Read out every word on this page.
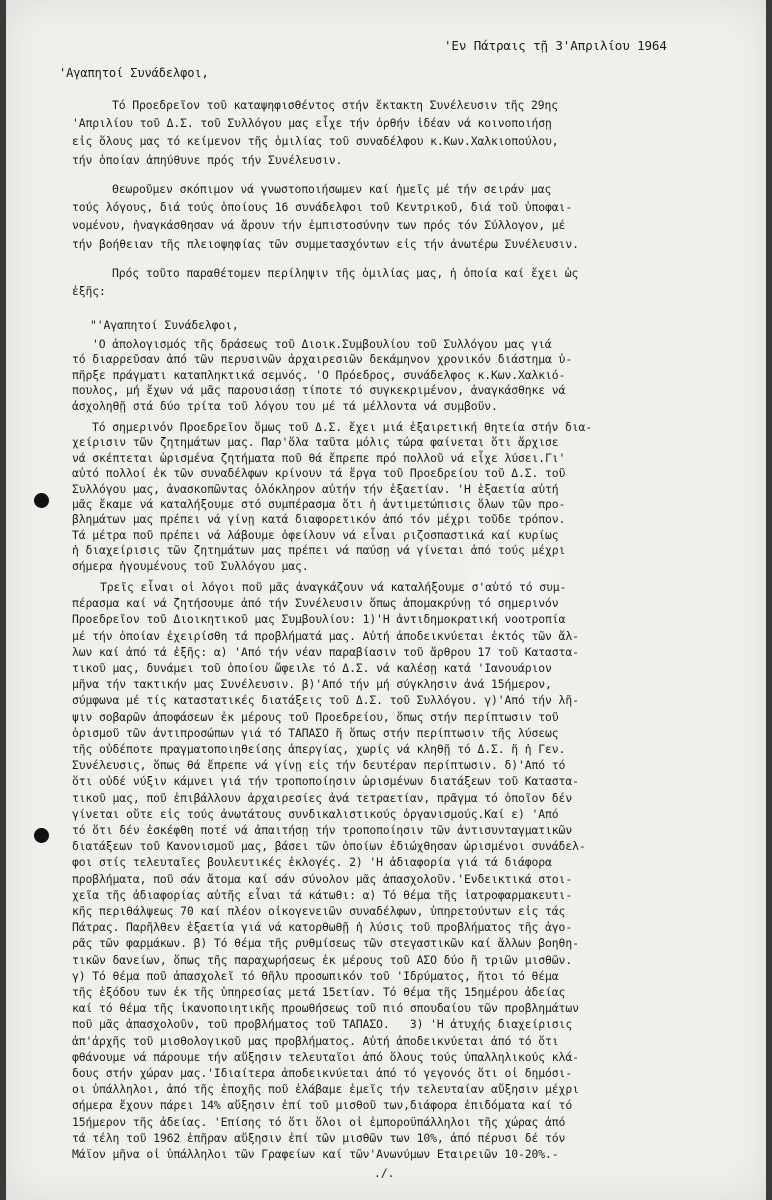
'Εν Πάτραις τῇ 3'Απριλίου 1964
'Αγαπητοί Συνάδελφοι,
Τό Προεδρεῖον τοῦ καταψηφισθέντος στήν ἔκτακτη Συνέλευσιν τῆς 29ης
'Απριλίου τοῦ Δ.Σ. τοῦ Συλλόγου μας εἶχε τήν ὀρθήν ἰδέαν νά κοινοποιήσῃ
εἰς ὅλους μας τό κείμενον τῆς ὁμιλίας τοῦ συναδέλφου κ.Κων.Χαλκιοπούλου,
τήν ὁποίαν ἀπηύθυνε πρός τήν Συνέλευσιν.
Θεωροῦμεν σκόπιμον νά γνωστοποιήσωμεν καί ἡμεῖς μέ τήν σειράν μας
τούς λόγους, διά τούς ὁποίους 16 συνάδελφοι τοῦ Κεντρικοῦ, διά τοῦ ὑποφαι-
νομένου, ἠναγκάσθησαν νά ἄρουν τήν ἐμπιστοσύνην των πρός τόν Σύλλογον, μέ
τήν βοήθειαν τῆς πλειοψηφίας τῶν συμμετασχόντων εἰς τήν ἀνωτέρω Συνέλευσιν.
Πρός τοῦτο παραθέτομεν περίληψιν τῆς ὁμιλίας μας, ἡ ὁποία καί ἔχει ὡς
ἑξῆς:
"'Αγαπητοί Συνάδελφοι,
'Ο ἀπολογισμός τῆς δράσεως τοῦ Διοικ.Συμβουλίου τοῦ Συλλόγου μας γιά
τό διαρρεῦσαν ἀπό τῶν περυσινῶν ἀρχαιρεσιῶν δεκάμηνον χρονικόν διάστημα ὑ-
πῆρξε πράγματι καταπληκτικά σεμνός. 'Ο Πρόεδρος, συνάδελφος κ.Κων.Χαλκιό-
πουλος, μή ἔχων νά μᾶς παρουσιάσῃ τίποτε τό συγκεκριμένον, ἀναγκάσθηκε νά
ἀσχοληθῇ στά δύο τρίτα τοῦ λόγου του μέ τά μέλλοντα νά συμβοῦν.
Τό σημερινόν Προεδρεῖον ὅμως τοῦ Δ.Σ. ἔχει μιά ἐξαιρετική θητεία στήν δια-
χείρισιν τῶν ζητημάτων μας. Παρ'ὅλα ταῦτα μόλις τώρα φαίνεται ὅτι ἄρχισε
νά σκέπτεται ὡρισμένα ζητήματα ποῦ θά ἔπρεπε πρό πολλοῦ νά εἶχε λύσει.Γι'
αὐτό πολλοί ἐκ τῶν συναδέλφων κρίνουν τά ἔργα τοῦ Προεδρείου τοῦ Δ.Σ. τοῦ
Συλλόγου μας, ἀνασκοπῶντας ὁλόκληρον αὐτήν τήν ἑξαετίαν. 'Η ἑξαετία αὐτή
μᾶς ἔκαμε νά καταλήξουμε στό συμπέρασμα ὅτι ἡ ἀντιμετώπισις ὅλων τῶν προ-
βλημάτων μας πρέπει νά γίνῃ κατά διαφορετικόν ἀπό τόν μέχρι τοῦδε τρόπον.
Τά μέτρα ποῦ πρέπει νά λάβουμε ὀφείλουν νά εἶναι ριζοσπαστικά καί κυρίως
ἡ διαχείρισις τῶν ζητημάτων μας πρέπει νά παύσῃ νά γίνεται ἀπό τούς μέχρι
σήμερα ἡγουμένους τοῦ Συλλόγου μας.
Τρεῖς εἶναι οἱ λόγοι ποῦ μᾶς ἀναγκάζουν νά καταλήξουμε σ'αὐτό τό συμ-
πέρασμα καί νά ζητήσουμε ἀπό τήν Συνέλευσιν ὅπως ἀπομακρύνῃ τό σημερινόν
Προεδρεῖον τοῦ Διοικητικοῦ μας Συμβουλίου: 1)'Η ἀντιδημοκρατική νοοτροπία
μέ τήν ὁποίαν ἐχειρίσθη τά προβλήματά μας. Αὐτή ἀποδεικνύεται ἐκτός τῶν ἄλ-
λων καί ἀπό τά ἑξῆς: α) 'Από τήν νέαν παραβίασιν τοῦ ἄρθρου 17 τοῦ Καταστα-
τικοῦ μας, δυνάμει τοῦ ὁποίου ὤφειλε τό Δ.Σ. νά καλέσῃ κατά 'Ιανουάριον
μῆνα τήν τακτικήν μας Συνέλευσιν. β)'Από τήν μή σύγκλησιν ἀνά 15ήμερον,
σύμφωνα μέ τίς καταστατικές διατάξεις τοῦ Δ.Σ. τοῦ Συλλόγου. γ)'Από τήν λῆ-
ψιν σοβαρῶν ἀποφάσεων ἐκ μέρους τοῦ Προεδρείου, ὅπως στήν περίπτωσιν τοῦ
ὁρισμοῦ τῶν ἀντιπροσώπων γιά τό ΤΑΠΑΣΟ ἤ ὅπως στήν περίπτωσιν τῆς λύσεως
τῆς οὐδέποτε πραγματοποιηθείσης ἀπεργίας, χωρίς νά κληθῇ τό Δ.Σ. ἤ ἡ Γεν.
Συνέλευσις, ὅπως θά ἔπρεπε νά γίνῃ εἰς τήν δευτέραν περίπτωσιν. δ)'Από τό
ὅτι οὐδέ νύξιν κάμνει γιά τήν τροποποίησιν ὡρισμένων διατάξεων τοῦ Καταστα-
τικοῦ μας, ποῦ ἐπιβάλλουν ἀρχαιρεσίες ἀνά τετραετίαν, πρᾶγμα τό ὁποῖον δέν
γίνεται οὔτε εἰς τούς ἀνωτάτους συνδικαλιστικούς ὀργανισμούς.Καί ε) 'Από
τό ὅτι δέν ἐσκέφθη ποτέ νά ἀπαιτήσῃ τήν τροποποίησιν τῶν ἀντισυνταγματικῶν
διατάξεων τοῦ Κανονισμοῦ μας, βάσει τῶν ὁποίων ἐδιώχθησαν ὡρισμένοι συνάδελ-
φοι στίς τελευταῖες βουλευτικές ἐκλογές. 2) 'Η ἀδιαφορία γιά τά διάφορα
προβλήματα, ποῦ σάν ἄτομα καί σάν σύνολον μᾶς ἀπασχολοῦν.'Ενδεικτικά στοι-
χεῖα τῆς ἀδιαφορίας αὐτῆς εἶναι τά κάτωθι: α) Τό θέμα τῆς ἰατροφαρμακευτι-
κῆς περιθάλψεως 70 καί πλέον οἰκογενειῶν συναδέλφων, ὑπηρετούντων εἰς τάς
Πάτρας. Παρῆλθεν ἑξαετία γιά νά κατορθωθῇ ἡ λύσις τοῦ προβλήματος τῆς ἀγο-
ρᾶς τῶν φαρμάκων. β) Τό θέμα τῆς ρυθμίσεως τῶν στεγαστικῶν καί ἄλλων βοηθη-
τικῶν δανείων, ὅπως τῆς παραχωρήσεως ἐκ μέρους τοῦ ΑΣΟ δύο ἤ τριῶν μισθῶν.
γ) Τό θέμα ποῦ ἀπασχολεῖ τό θῆλυ προσωπικόν τοῦ 'Ιδρύματος, ἤτοι τό θέμα
τῆς ἐξόδου των ἐκ τῆς ὑπηρεσίας μετά 15ετίαν. Τό θέμα τῆς 15ημέρου ἀδείας
καί τό θέμα τῆς ἱκανοποιητικῆς προωθήσεως τοῦ πιό σπουδαίου τῶν προβλημάτων
ποῦ μᾶς ἀπασχολοῦν, τοῦ προβλήματος τοῦ ΤΑΠΑΣΟ.   3) 'Η ἀτυχής διαχείρισις
ἀπ'ἀρχῆς τοῦ μισθολογικοῦ μας προβλήματος. Αὐτή ἀποδεικνύεται ἀπό τό ὅτι
φθάνουμε νά πάρουμε τήν αὔξησιν τελευταῖοι ἀπό ὅλους τούς ὑπαλληλικούς κλά-
δους στήν χώραν μας.'Ιδιαίτερα ἀποδεικνύεται ἀπό τό γεγονός ὅτι οἱ δημόσι-
οι ὑπάλληλοι, ἀπό τῆς ἐποχῆς ποῦ ἐλάβαμε ἐμεῖς τήν τελευταίαν αὔξησιν μέχρι
σήμερα ἔχουν πάρει 14% αὔξησιν ἐπί τοῦ μισθοῦ των,διάφορα ἐπιδόματα καί τό
15ήμερον τῆς ἀδείας. 'Επίσης τό ὅτι ὅλοι οἱ ἐμποροϋπάλληλοι τῆς χώρας ἀπό
τά τέλη τοῦ 1962 ἐπῆραν αὔξησιν ἐπί τῶν μισθῶν των 10%, ἀπό πέρυσι δέ τόν
Μάϊον μῆνα οἱ ὑπάλληλοι τῶν Γραφείων καί τῶν'Ανωνύμων Εταιρειῶν 10-20%.-
./.
